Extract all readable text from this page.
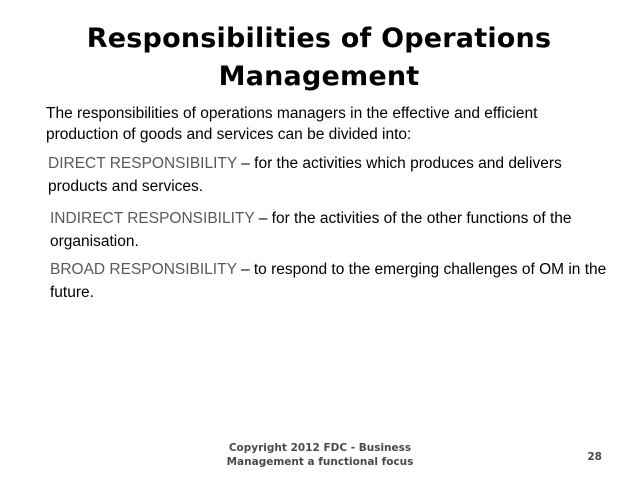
Responsibilities of Operations
Management
The responsibilities of operations managers in the effective and efficient production of goods and services can be divided into:
DIRECT RESPONSIBILITY – for the activities which produces and delivers products and services.
INDIRECT RESPONSIBILITY – for the activities of the other functions of the organisation.
BROAD RESPONSIBILITY – to respond to the emerging challenges of OM in the future.
Copyright 2012 FDC - Business
Management a functional focus	28
